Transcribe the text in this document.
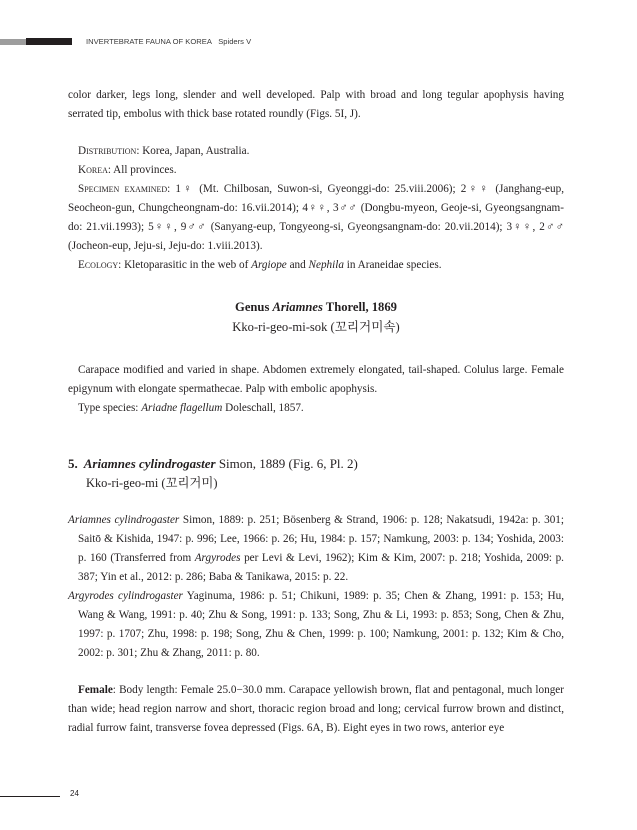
INVERTEBRATE FAUNA OF KOREA Spiders V

color darker, legs long, slender and well developed. Palp with broad and long tegular apophysis having serrated tip, embolus with thick base rotated roundly (Figs. 5I, J).

Distribution: Korea, Japan, Australia.

Korea: All provinces.

Specimen examined: 1♀ (Mt. Chilbosan, Suwon-si, Gyeonggi-do: 25.viii.2006); 2♀♀ (Janghang-eup, Seocheon-gun, Chungcheongnam-do: 16.vii.2014); 4♀♀, 3♂♂ (Dongbu-myeon, Geoje-si, Gyeongsangnam-do: 21.vii.1993); 5♀♀, 9♂♂ (Sanyang-eup, Tongyeong-si, Gyeongsangnam-do: 20.vii.2014); 3♀♀, 2♂♂ (Jocheon-eup, Jeju-si, Jeju-do: 1.viii.2013).

Ecology: Kletoparasitic in the web of Argiope and Nephila in Araneidae species.

Genus Ariamnes Thorell, 1869
Kko-ri-geo-mi-sok (꼬리거미속)

Carapace modified and varied in shape. Abdomen extremely elongated, tail-shaped. Colulus large. Female epigynum with elongate spermathecae. Palp with embolic apophysis.

Type species: Ariadne flagellum Doleschall, 1857.

5. Ariamnes cylindrogaster Simon, 1889 (Fig. 6, Pl. 2)
Kko-ri-geo-mi (꼬리거미)

Ariamnes cylindrogaster Simon, 1889: p. 251; Bösenberg & Strand, 1906: p. 128; Nakatsudi, 1942a: p. 301; Saitō & Kishida, 1947: p. 996; Lee, 1966: p. 26; Hu, 1984: p. 157; Namkung, 2003: p. 134; Yoshida, 2003: p. 160 (Transferred from Argyrodes per Levi & Levi, 1962); Kim & Kim, 2007: p. 218; Yoshida, 2009: p. 387; Yin et al., 2012: p. 286; Baba & Tanikawa, 2015: p. 22.

Argyrodes cylindrogaster Yaginuma, 1986: p. 51; Chikuni, 1989: p. 35; Chen & Zhang, 1991: p. 153; Hu, Wang & Wang, 1991: p. 40; Zhu & Song, 1991: p. 133; Song, Zhu & Li, 1993: p. 853; Song, Chen & Zhu, 1997: p. 1707; Zhu, 1998: p. 198; Song, Zhu & Chen, 1999: p. 100; Namkung, 2001: p. 132; Kim & Cho, 2002: p. 301; Zhu & Zhang, 2011: p. 80.

Female: Body length: Female 25.0−30.0 mm. Carapace yellowish brown, flat and pentagonal, much longer than wide; head region narrow and short, thoracic region broad and long; cervical furrow brown and distinct, radial furrow faint, transverse fovea depressed (Figs. 6A, B). Eight eyes in two rows, anterior eye

24
